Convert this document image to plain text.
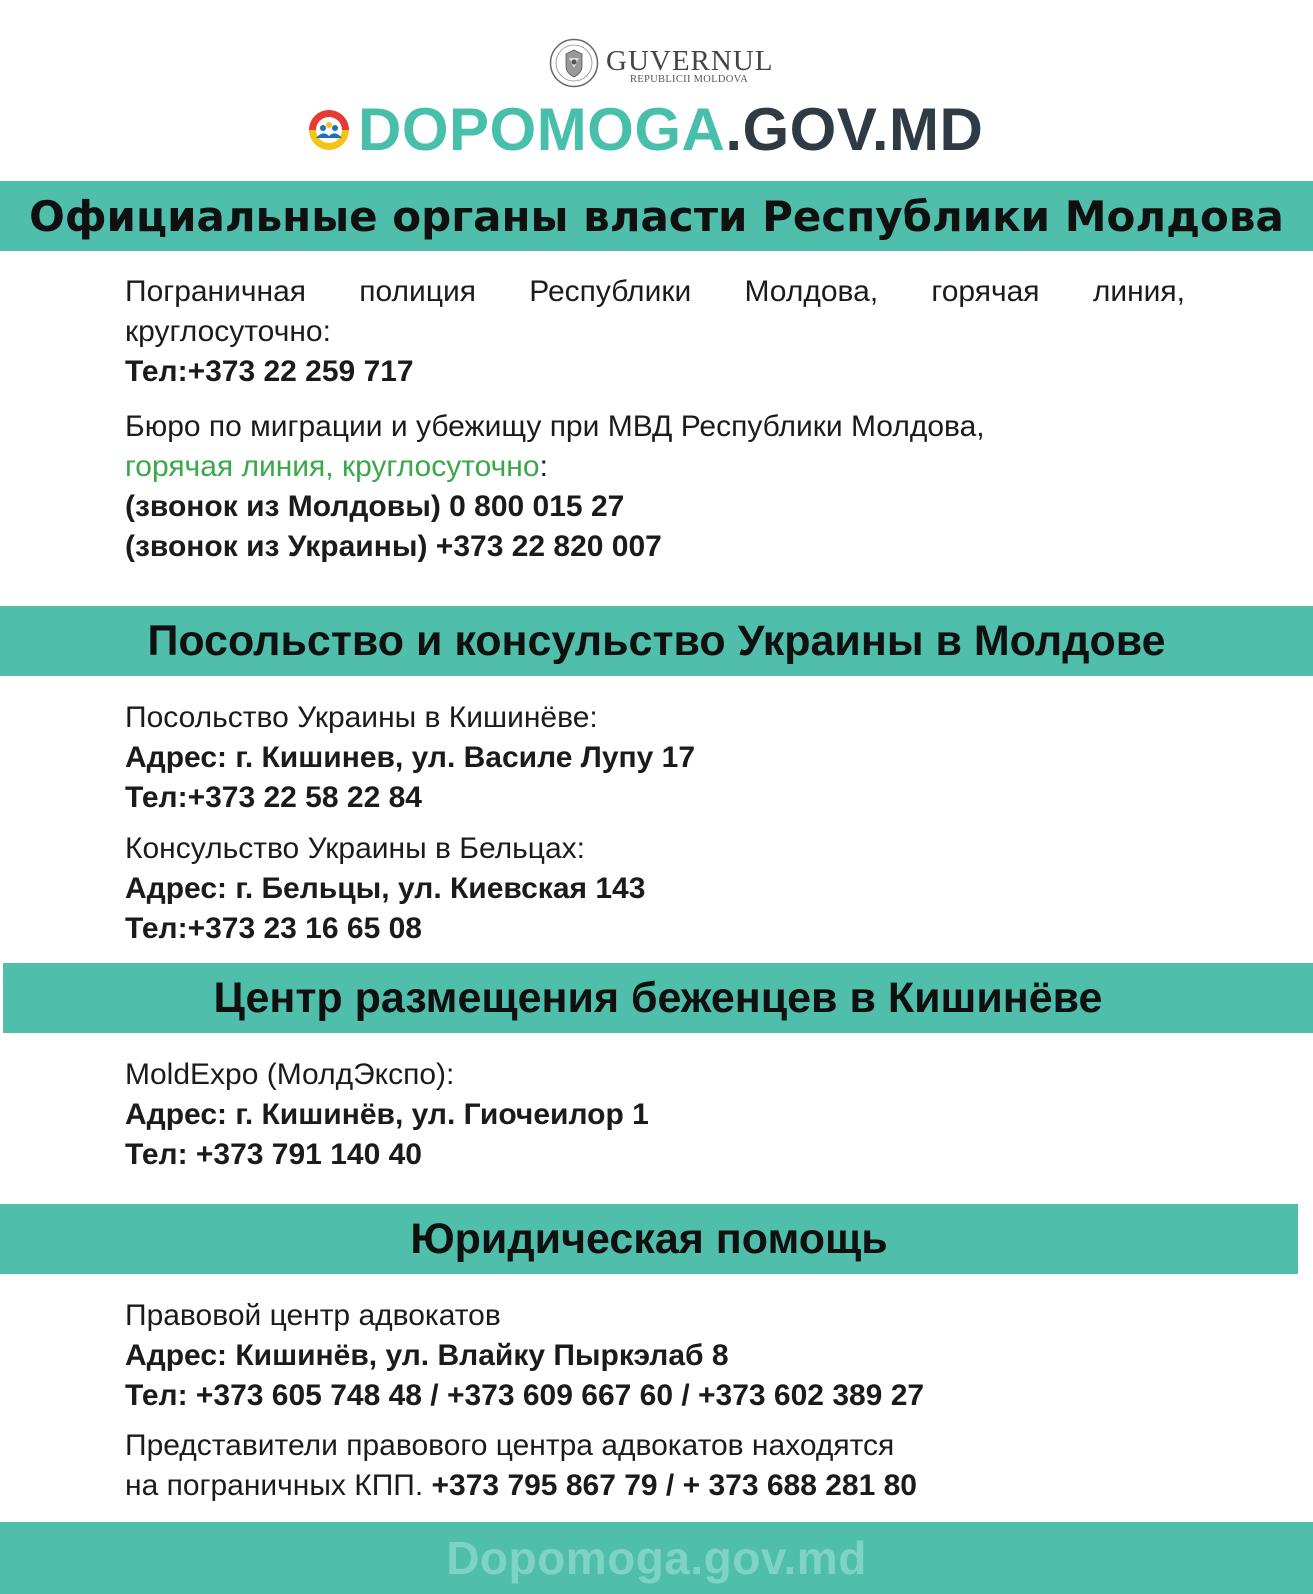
GUVERNUL
REPUBLICII MOLDOVA
DOPOMOGA.GOV.MD
Официальные органы власти Республики Молдова
Пограничная полиция Республики Молдова, горячая линия,
круглосуточно:
Тел:+373 22 259 717
Бюро по миграции и убежищу при МВД Республики Молдова,
горячая линия, круглосуточно:
(звонок из Молдовы) 0 800 015 27
(звонок из Украины) +373 22 820 007
Посольство и консульство Украины в Молдове
Посольство Украины в Кишинёве:
Адрес: г. Кишинев, ул. Василе Лупу 17
Тел:+373 22 58 22 84
Консульство Украины в Бельцах:
Адрес: г. Бельцы, ул. Киевская 143
Тел:+373 23 16 65 08
Центр размещения беженцев в Кишинёве
MoldExpo (МолдЭкспо):
Адрес: г. Кишинёв, ул. Гиочеилор 1
Тел: +373 791 140 40
Юридическая помощь
Правовой центр адвокатов
Адрес: Кишинёв, ул. Влайку Пыркэлаб 8
Тел: +373 605 748 48 / +373 609 667 60 / +373 602 389 27
Представители правового центра адвокатов находятся
на пограничных КПП. +373 795 867 79 / + 373 688 281 80
Dopomoga.gov.md
